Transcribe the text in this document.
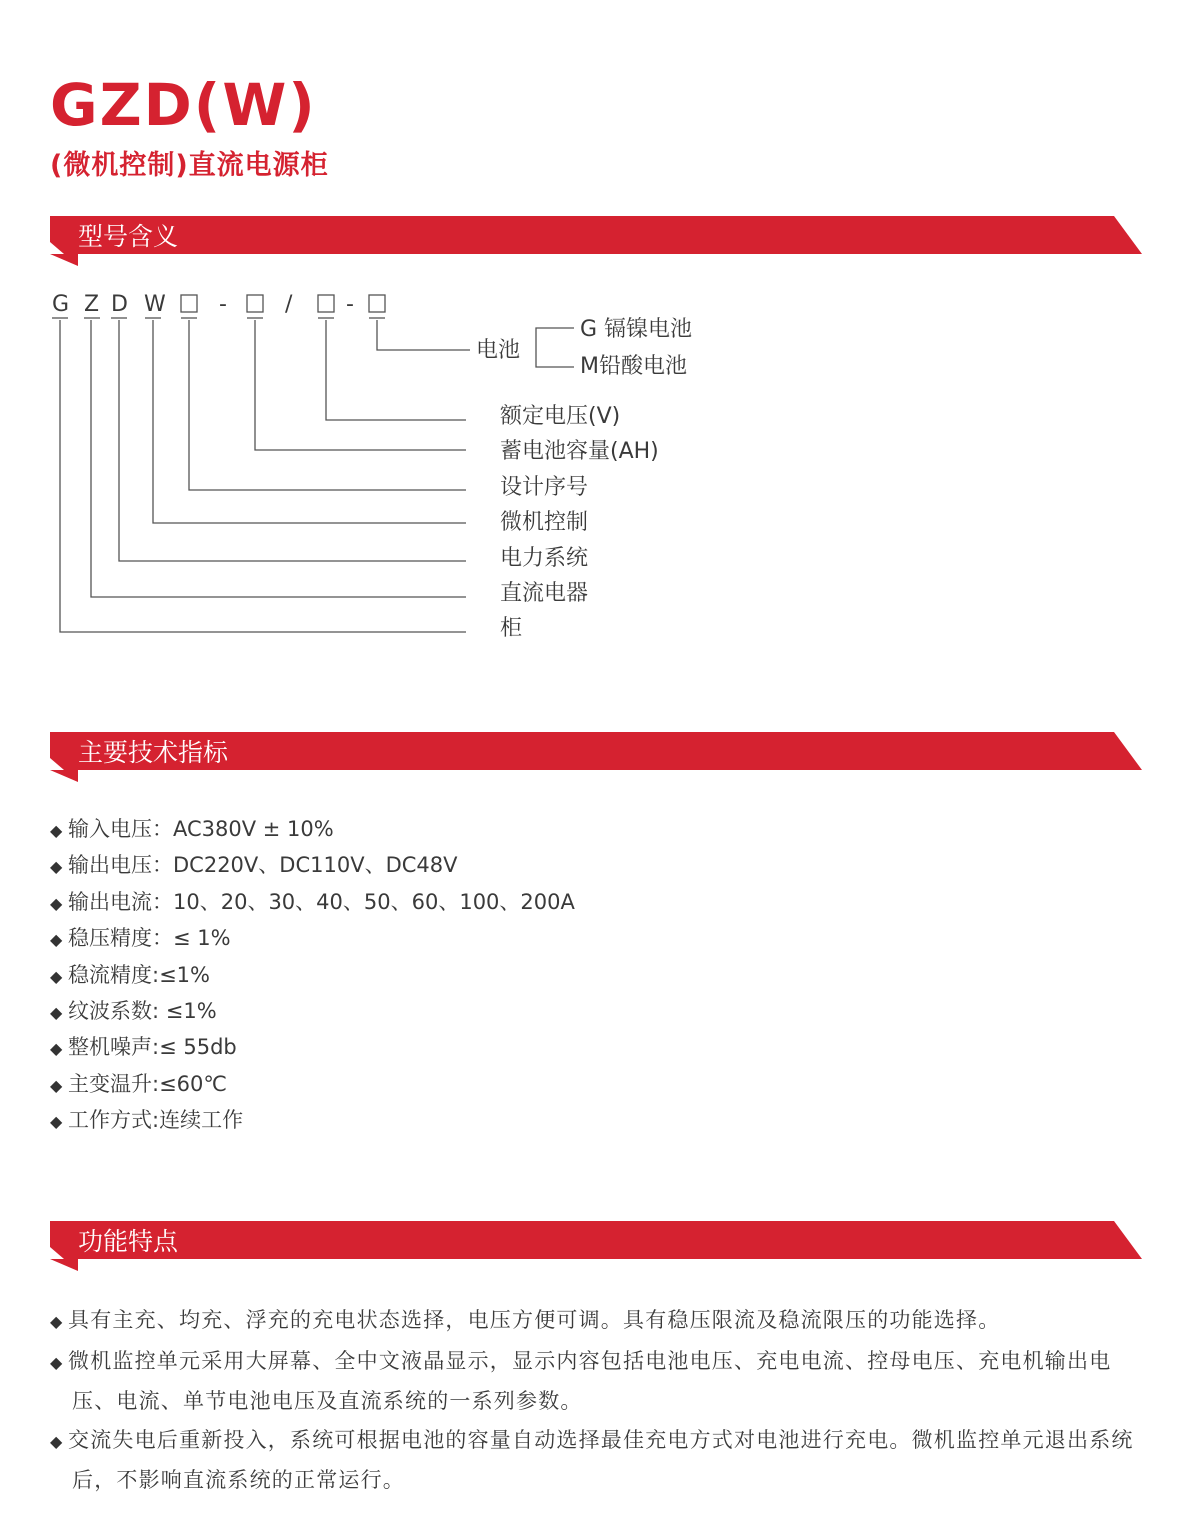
GZD(W)
(微机控制)直流电源柜
型号含义
G Z D W -	/ -
电池
G 镉镍电池
M铅酸电池
额定电压(V)
蓄电池容量(AH)
设计序号
微机控制
电力系统
直流电器
柜
主要技术指标
◆ 输入电压：AC380V ± 10%
◆ 输出电压：DC220V、DC110V、DC48V
◆ 输出电流：10、20、30、40、50、60、100、200A
◆ 稳压精度：≤ 1%
◆ 稳流精度:≤1%
◆ 纹波系数: ≤1%
◆ 整机噪声:≤ 55db
◆ 主变温升:≤60℃
◆ 工作方式:连续工作
功能特点
◆ 具有主充、均充、浮充的充电状态选择，电压方便可调。具有稳压限流及稳流限压的功能选择。
◆ 微机监控单元采用大屏幕、全中文液晶显示，显示内容包括电池电压、充电电流、控母电压、充电机输出电压、电流、单节电池电压及直流系统的一系列参数。
◆ 交流失电后重新投入，系统可根据电池的容量自动选择最佳充电方式对电池进行充电。微机监控单元退出系统后，不影响直流系统的正常运行。
